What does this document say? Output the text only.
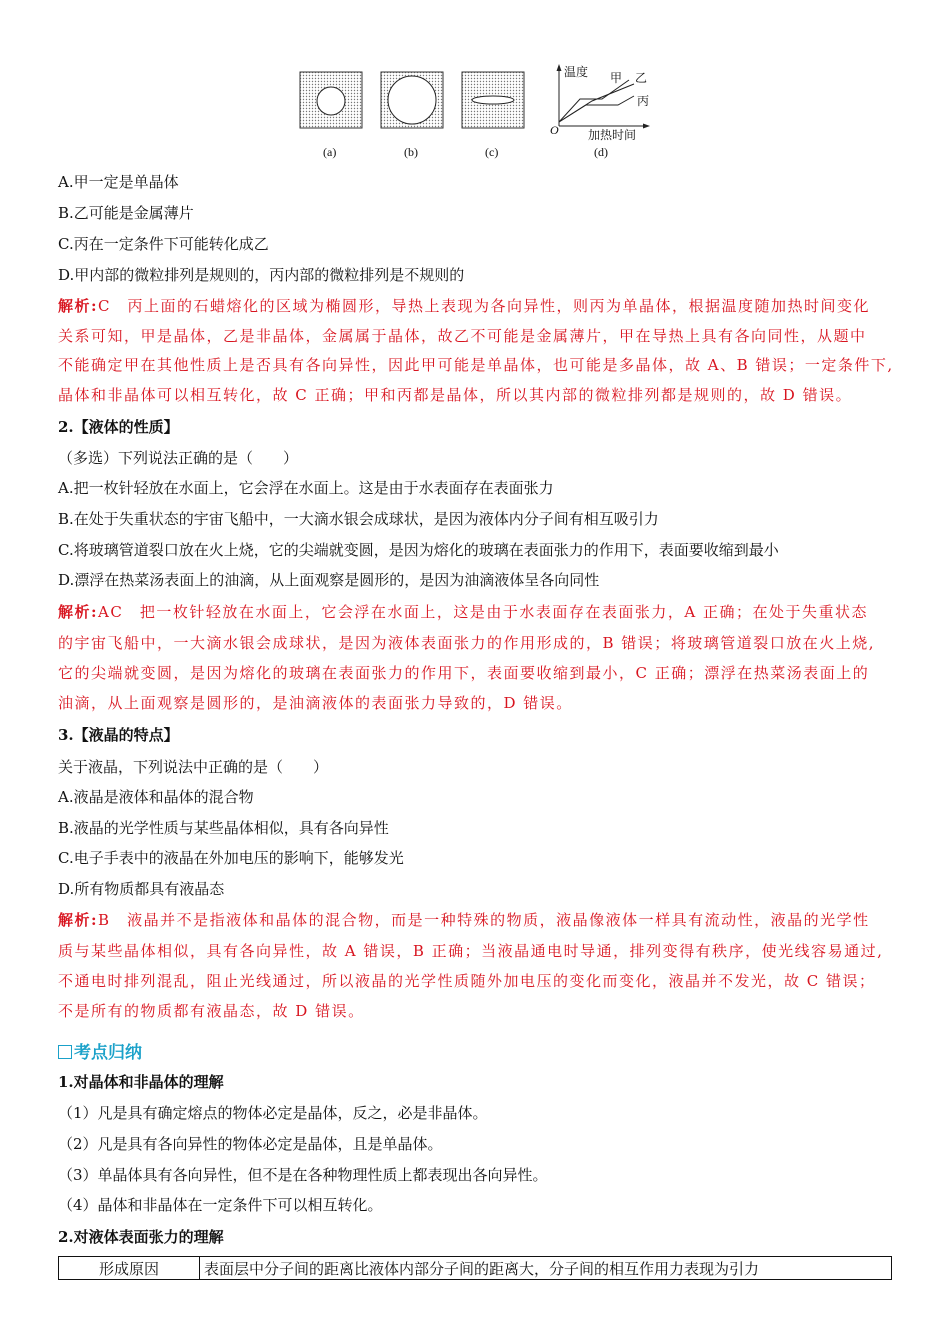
(a)	(b)	(c)	(d)
O
温度
加热时间
甲 乙
丙
A.甲一定是单晶体
B.乙可能是金属薄片
C.丙在一定条件下可能转化成乙
D.甲内部的微粒排列是规则的，丙内部的微粒排列是不规则的
解析:C　丙上面的石蜡熔化的区域为椭圆形，导热上表现为各向异性，则丙为单晶体，根据温度随加热时间变化
关系可知，甲是晶体，乙是非晶体，金属属于晶体，故乙不可能是金属薄片，甲在导热上具有各向同性，从题中
不能确定甲在其他性质上是否具有各向异性，因此甲可能是单晶体，也可能是多晶体，故 A、B 错误；一定条件下,
晶体和非晶体可以相互转化，故 C 正确；甲和丙都是晶体，所以其内部的微粒排列都是规则的，故 D 错误。
2.【液体的性质】
（多选）下列说法正确的是（　　）
A.把一枚针轻放在水面上，它会浮在水面上。这是由于水表面存在表面张力
B.在处于失重状态的宇宙飞船中，一大滴水银会成球状，是因为液体内分子间有相互吸引力
C.将玻璃管道裂口放在火上烧，它的尖端就变圆，是因为熔化的玻璃在表面张力的作用下，表面要收缩到最小
D.漂浮在热菜汤表面上的油滴，从上面观察是圆形的，是因为油滴液体呈各向同性
解析:AC　把一枚针轻放在水面上，它会浮在水面上，这是由于水表面存在表面张力，A 正确；在处于失重状态
的宇宙飞船中，一大滴水银会成球状，是因为液体表面张力的作用形成的，B 错误；将玻璃管道裂口放在火上烧,
它的尖端就变圆，是因为熔化的玻璃在表面张力的作用下，表面要收缩到最小，C 正确；漂浮在热菜汤表面上的
油滴，从上面观察是圆形的，是油滴液体的表面张力导致的，D 错误。
3.【液晶的特点】
关于液晶，下列说法中正确的是（　　）
A.液晶是液体和晶体的混合物
B.液晶的光学性质与某些晶体相似，具有各向异性
C.电子手表中的液晶在外加电压的影响下，能够发光
D.所有物质都具有液晶态
解析:B　液晶并不是指液体和晶体的混合物，而是一种特殊的物质，液晶像液体一样具有流动性，液晶的光学性
质与某些晶体相似，具有各向异性，故 A 错误，B 正确；当液晶通电时导通，排列变得有秩序，使光线容易通过,
不通电时排列混乱，阻止光线通过，所以液晶的光学性质随外加电压的变化而变化，液晶并不发光，故 C 错误；
不是所有的物质都有液晶态，故 D 错误。
考点归纳
1.对晶体和非晶体的理解
（1）凡是具有确定熔点的物体必定是晶体，反之，必是非晶体。
（2）凡是具有各向异性的物体必定是晶体，且是单晶体。
（3）单晶体具有各向异性，但不是在各种物理性质上都表现出各向异性。
（4）晶体和非晶体在一定条件下可以相互转化。
2.对液体表面张力的理解
形成原因	表面层中分子间的距离比液体内部分子间的距离大，分子间的相互作用力表现为引力
